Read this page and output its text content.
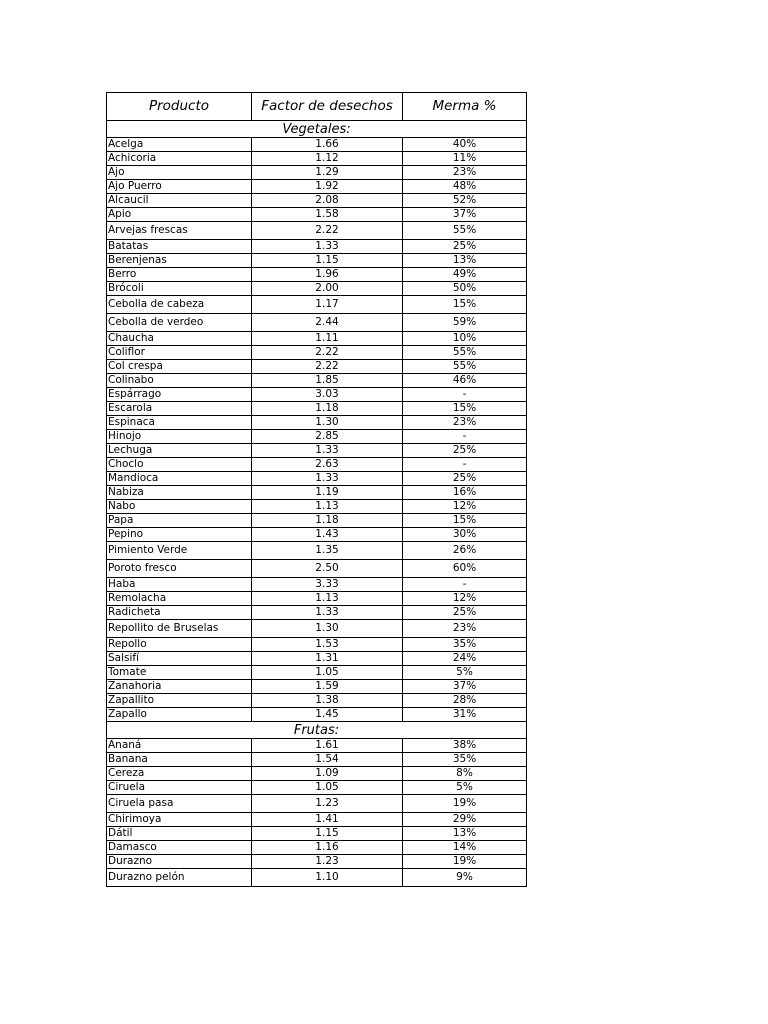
Producto	Factor de desechos	Merma %
Vegetales:		
Acelga	1.66	40%
Achicoria	1.12	11%
Ajo	1.29	23%
Ajo Puerro	1.92	48%
Alcaucil	2.08	52%
Apio	1.58	37%
Arvejas frescas	2.22	55%
Batatas	1.33	25%
Berenjenas	1.15	13%
Berro	1.96	49%
Brócoli	2.00	50%
Cebolla de cabeza	1.17	15%
Cebolla de verdeo	2.44	59%
Chaucha	1.11	10%
Coliflor	2.22	55%
Col crespa	2.22	55%
Colinabo	1.85	46%
Espárrago	3.03	-
Escarola	1.18	15%
Espinaca	1.30	23%
Hinojo	2.85	-
Lechuga	1.33	25%
Choclo	2.63	-
Mandioca	1.33	25%
Nabiza	1.19	16%
Nabo	1.13	12%
Papa	1.18	15%
Pepino	1.43	30%
Pimiento Verde	1.35	26%
Poroto fresco	2.50	60%
Haba	3.33	-
Remolacha	1.13	12%
Radicheta	1.33	25%
Repollito de Bruselas	1.30	23%
Repollo	1.53	35%
Salsifí	1.31	24%
Tomate	1.05	5%
Zanahoria	1.59	37%
Zapallito	1.38	28%
Zapallo	1.45	31%
Frutas:		
Ananá	1.61	38%
Banana	1.54	35%
Cereza	1.09	8%
Ciruela	1.05	5%
Ciruela pasa	1.23	19%
Chirimoya	1.41	29%
Dátil	1.15	13%
Damasco	1.16	14%
Durazno	1.23	19%
Durazno pelón	1.10	9%
